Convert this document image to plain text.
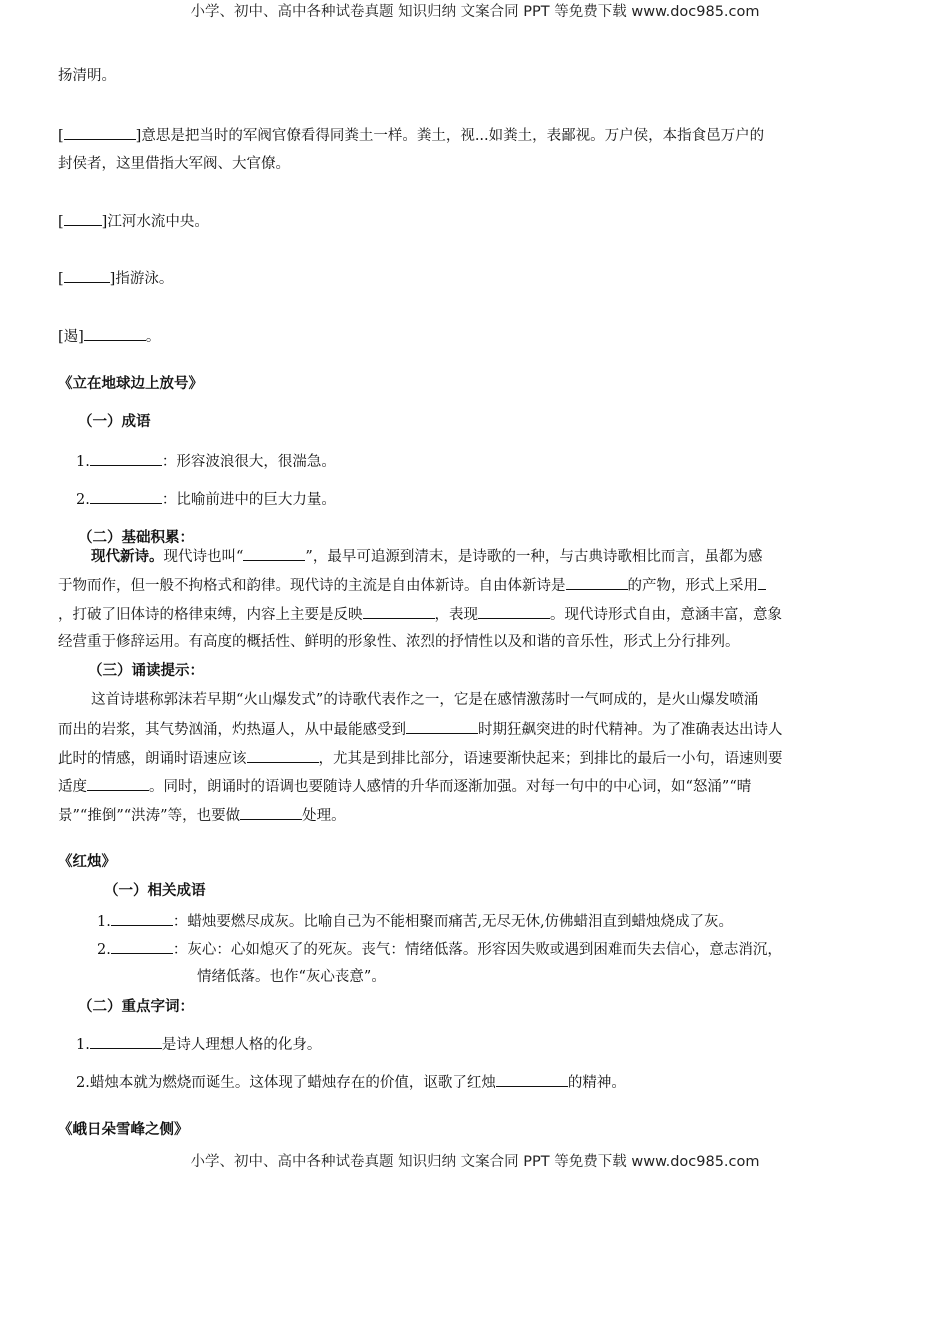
小学、初中、高中各种试卷真题 知识归纳 文案合同 PPT 等免费下载 www.doc985.com
扬清明。
[	]意思是把当时的军阀官僚看得同粪土一样。粪土，视...如粪土，表鄙视。万户侯，本指食邑万户的
封侯者，这里借指大军阀、大官僚。
[	]江河水流中央。
[	]指游泳。
[遏]	。
《立在地球边上放号》
（一）成语
1.	：形容波浪很大，很湍急。
2.	：比喻前进中的巨大力量。
（二）基础积累：
现代新诗。现代诗也叫“	”，最早可追源到清末，是诗歌的一种，与古典诗歌相比而言，虽都为感
于物而作，但一般不拘格式和韵律。现代诗的主流是自由体新诗。自由体新诗是	的产物，形式上采用
，打破了旧体诗的格律束缚，内容上主要是反映	，表现	。现代诗形式自由，意涵丰富，意象
经营重于修辞运用。有高度的概括性、鲜明的形象性、浓烈的抒情性以及和谐的音乐性，形式上分行排列。
（三）诵读提示：
这首诗堪称郭沫若早期“火山爆发式”的诗歌代表作之一，它是在感情激荡时一气呵成的，是火山爆发喷涌
而出的岩浆，其气势汹涌，灼热逼人，从中最能感受到	时期狂飙突进的时代精神。为了准确表达出诗人
此时的情感，朗诵时语速应该	，尤其是到排比部分，语速要渐快起来；到排比的最后一小句，语速则要
适度	。同时，朗诵时的语调也要随诗人感情的升华而逐渐加强。对每一句中的中心词，如“怒涌”“晴
景”“推倒”“洪涛”等，也要做	处理。
《红烛》
（一）相关成语
1.	：蜡烛要燃尽成灰。比喻自己为不能相聚而痛苦,无尽无休,仿佛蜡泪直到蜡烛烧成了灰。
2.	：灰心：心如熄灭了的死灰。丧气：情绪低落。形容因失败或遇到困难而失去信心，意志消沉，
情绪低落。也作“灰心丧意”。
（二）重点字词：
1.	是诗人理想人格的化身。
2.蜡烛本就为燃烧而诞生。这体现了蜡烛存在的价值，讴歌了红烛	的精神。
《峨日朵雪峰之侧》
小学、初中、高中各种试卷真题 知识归纳 文案合同 PPT 等免费下载 www.doc985.com
